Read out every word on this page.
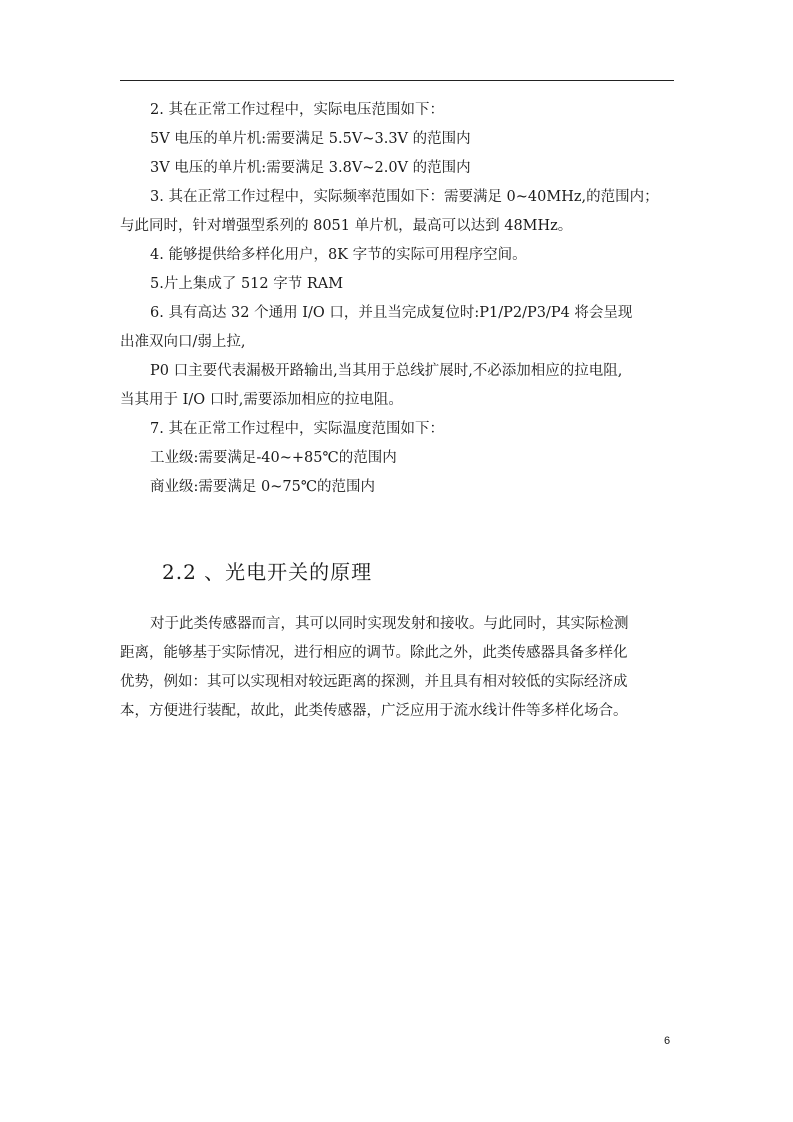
2. 其在正常工作过程中，实际电压范围如下：
5V 电压的单片机:需要满足 5.5V~3.3V 的范围内
3V 电压的单片机:需要满足 3.8V~2.0V 的范围内
3. 其在正常工作过程中，实际频率范围如下：需要满足 0~40MHz,的范围内；
与此同时，针对增强型系列的 8051 单片机，最高可以达到 48MHz。
4. 能够提供给多样化用户，8K 字节的实际可用程序空间。
5.片上集成了 512 字节 RAM
6. 具有高达 32 个通用 I/O 口，并且当完成复位时:P1/P2/P3/P4 将会呈现
出准双向口/弱上拉,
P0 口主要代表漏极开路输出,当其用于总线扩展时,不必添加相应的拉电阻,
当其用于 I/O 口时,需要添加相应的拉电阻。
7. 其在正常工作过程中，实际温度范围如下：
工业级:需要满足-40~+85℃的范围内
商业级:需要满足 0~75℃的范围内
2.2 、光电开关的原理
对于此类传感器而言，其可以同时实现发射和接收。与此同时，其实际检测
距离，能够基于实际情况，进行相应的调节。除此之外，此类传感器具备多样化
优势，例如：其可以实现相对较远距离的探测，并且具有相对较低的实际经济成
本，方便进行装配，故此，此类传感器，广泛应用于流水线计件等多样化场合。
6
